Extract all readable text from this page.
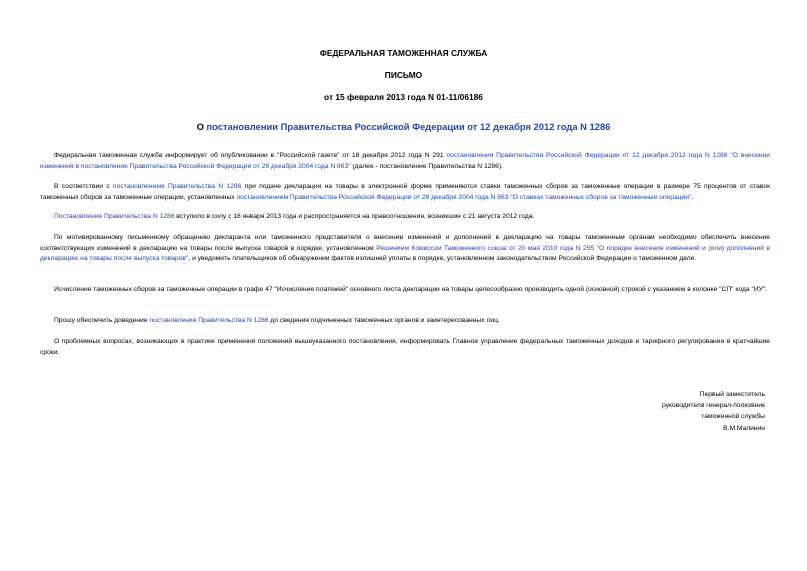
ФЕДЕРАЛЬНАЯ ТАМОЖЕННАЯ СЛУЖБА
ПИСЬМО
от 15 февраля 2013 года N 01-11/06186
О постановлении Правительства Российской Федерации от 12 декабря 2012 года N 1286

Федеральная таможенная служба информирует об опубликовании в "Российской газете" от 18 декабря 2012 года N 291 постановления Правительства Российской Федерации от 12 декабря 2012 года N 1286 "О внесении изменения в постановление Правительства Российской Федерации от 28 декабря 2004 года N 863" (далее - постановление Правительства N 1286).

В соответствии с постановлением Правительства N 1286 при подаче декларации на товары в электронной форме применяются ставки таможенных сборов за таможенные операции в размере 75 процентов от ставок таможенных сборов за таможенные операции, установленных постановлением Правительства Российской Федерации от 28 декабря 2004 года N 863 "О ставках таможенных сборов за таможенные операции".

Постановление Правительства N 1286 вступило в силу с 18 января 2013 года и распространяется на правоотношения, возникшие с 21 августа 2012 года.

По мотивированному письменному обращению декларанта или таможенного представителя о внесении изменений и дополнений в декларацию на товары таможенным органам необходимо обеспечить внесение соответствующих изменений в декларацию на товары после выпуска товаров в порядке, установленном Решением Комиссии Таможенного союза от 20 мая 2010 года N 255 "О порядке внесения изменений и (или) дополнений в декларацию на товары после выпуска товаров", и уведомить плательщиков об обнаружении фактов излишней уплаты в порядке, установленном законодательством Российской Федерации о таможенном деле.

Исчисление таможенных сборов за таможенные операции в графе 47 "Исчисление платежей" основного листа декларации на товары целесообразно производить одной (основной) строкой с указанием в колонке "СП" кода "ИУ".

Прошу обеспечить доведение постановления Правительства N 1286 до сведения подчиненных таможенных органов и заинтересованных лиц.

О проблемных вопросах, возникающих в практике применения положений вышеуказанного постановления, информировать Главное управление федеральных таможенных доходов и тарифного регулирования в кратчайшие сроки.

Первый заместитель
руководителя генерал-полковник
таможенной службы
В.М.Малинин
